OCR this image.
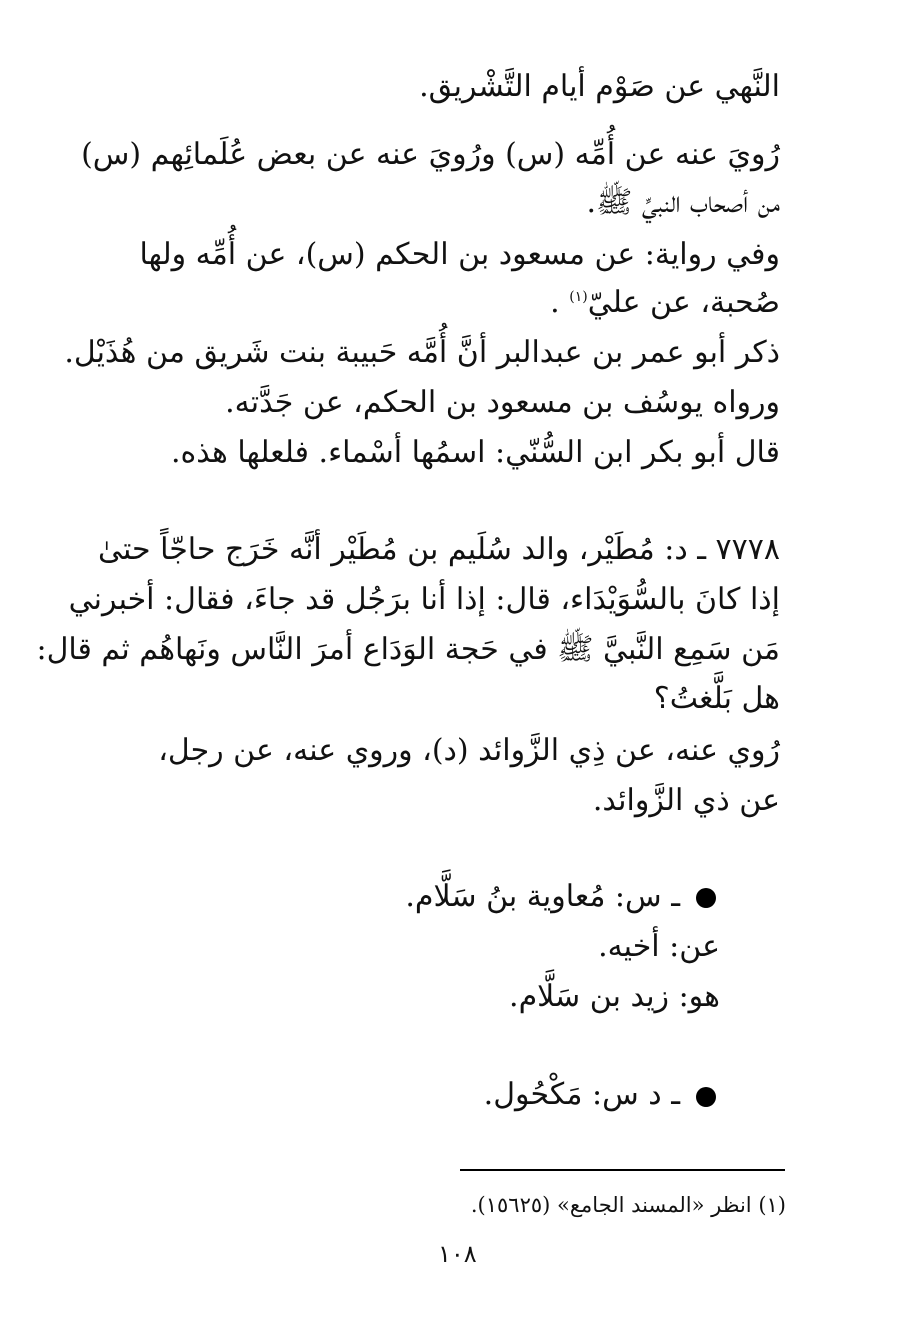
النَّهي عن صَوْم أيام التَّشْريق.
رُويَ عنه عن أُمِّه (س) ورُويَ عنه عن بعض عُلَمائِهم (س)
من أصحاب النبيِّ ﷺ.
وفي رواية: عن مسعود بن الحكم (س)، عن أُمِّه ولها
صُحبة، عن عليّ$^{(١)}$ .
ذكر أبو عمر بن عبدالبر أنَّ أُمَّه حَبيبة بنت شَريق من هُذَيْل.
ورواه يوسُف بن مسعود بن الحكم، عن جَدَّته.
قال أبو بكر ابن السُّنّي: اسمُها أسْماء. فلعلها هذه.
٧٧٧٨ ـ د: مُطَيْر، والد سُلَيم بن مُطَيْر أنَّه خَرَج حاجّاً حتىٰ
إذا كانَ بالسُّوَيْدَاء، قال: إذا أنا برَجُل قد جاءَ، فقال: أخبرني
مَن سَمِع النَّبيَّ ﷺ في حَجة الوَدَاع أمرَ النَّاس ونَهاهُم ثم قال:
هل بَلَّغتُ؟
رُوي عنه، عن ذِي الزَّوائد (د)، وروي عنه، عن رجل،
عن ذي الزَّوائد.
ـ س: مُعاوية بنُ سَلَّام.
عن: أخيه.
هو: زيد بن سَلَّام.
ـ د س: مَكْحُول.
(١) انظر «المسند الجامع» (١٥٦٢٥).
١٠٨
